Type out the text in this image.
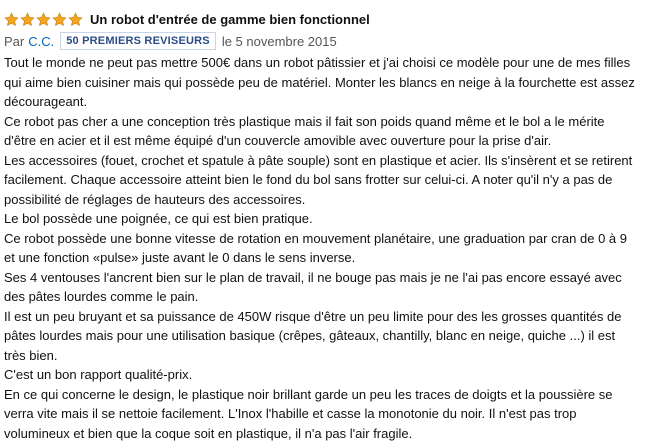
Un robot d'entrée de gamme bien fonctionnel
Par C.C.	50 PREMIERS REVISEURS le 5 novembre 2015

Tout le monde ne peut pas mettre 500€ dans un robot pâtissier et j'ai choisi ce modèle pour une de mes filles qui aime bien cuisiner mais qui possède peu de matériel. Monter les blancs en neige à la fourchette est assez décourageant.

Ce robot pas cher a une conception très plastique mais il fait son poids quand même et le bol a le mérite d'être en acier et il est même équipé d'un couvercle amovible avec ouverture pour la prise d'air.

Les accessoires (fouet, crochet et spatule à pâte souple) sont en plastique et acier. Ils s'insèrent et se retirent facilement. Chaque accessoire atteint bien le fond du bol sans frotter sur celui-ci. A noter qu'il n'y a pas de possibilité de réglages de hauteurs des accessoires.

Le bol possède une poignée, ce qui est bien pratique.

Ce robot possède une bonne vitesse de rotation en mouvement planétaire, une graduation par cran de 0 à 9 et une fonction «pulse» juste avant le 0 dans le sens inverse.

Ses 4 ventouses l'ancrent bien sur le plan de travail, il ne bouge pas mais je ne l'ai pas encore essayé avec des pâtes lourdes comme le pain.

Il est un peu bruyant et sa puissance de 450W risque d'être un peu limite pour des les grosses quantités de pâtes lourdes mais pour une utilisation basique (crêpes, gâteaux, chantilly, blanc en neige, quiche ...) il est très bien.

C'est un bon rapport qualité-prix.

En ce qui concerne le design, le plastique noir brillant garde un peu les traces de doigts et la poussière se verra vite mais il se nettoie facilement. L'Inox l'habille et casse la monotonie du noir. Il n'est pas trop volumineux et bien que la coque soit en plastique, il n'a pas l'air fragile.
